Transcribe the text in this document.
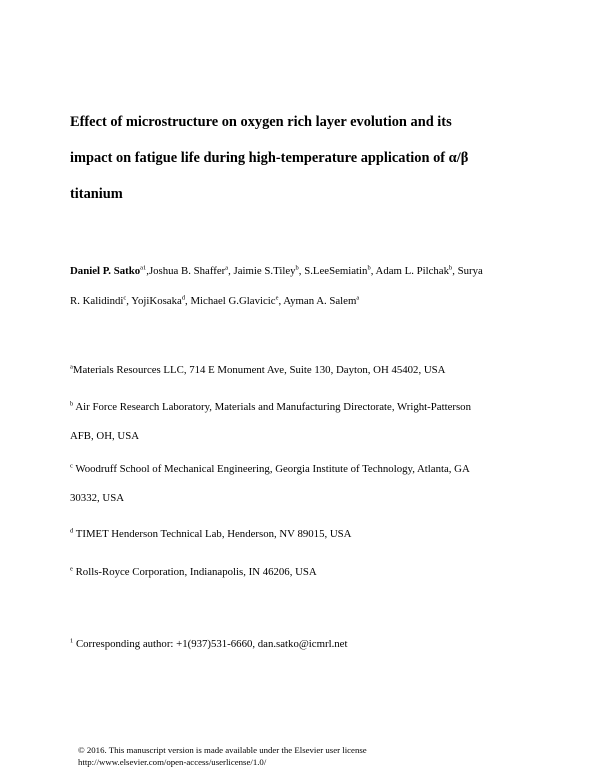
Effect of microstructure on oxygen rich layer evolution and its
impact on fatigue life during high-temperature application of α/β
titanium
Daniel P. Satko$^{a1}$,Joshua B. Shaffer$^a$, Jaimie S.Tiley$^b$, S.LeeSemiatin$^b$, Adam L. Pilchak$^b$, Surya
R. Kalidindi$^c$, YojiKosaka$^d$, Michael G.Glavicic$^e$, Ayman A. Salem$^a$
$^a$Materials Resources LLC, 714 E Monument Ave, Suite 130, Dayton, OH 45402, USA
$^b$ Air Force Research Laboratory, Materials and Manufacturing Directorate, Wright-Patterson
AFB, OH, USA
$^c$ Woodruff School of Mechanical Engineering, Georgia Institute of Technology, Atlanta, GA
30332, USA
$^d$ TIMET Henderson Technical Lab, Henderson, NV 89015, USA
$^e$ Rolls-Royce Corporation, Indianapolis, IN 46206, USA
$^1$ Corresponding author: +1(937)531-6660, dan.satko@icmrl.net
© 2016. This manuscript version is made available under the Elsevier user license
http://www.elsevier.com/open-access/userlicense/1.0/
